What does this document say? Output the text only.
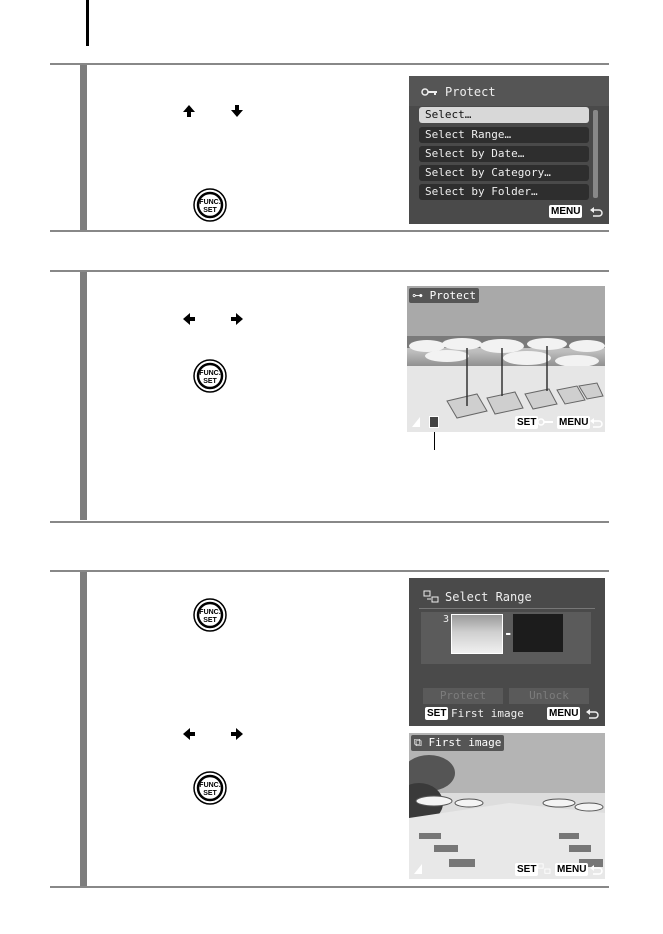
FUNC.
SET
Protect
Select…
Select Range…
Select by Date…
Select by Category…
Select by Folder…
MENU
FUNC.
SET
⊶ Protect
SET MENU
FUNC.
SET
FUNC.
SET
Select Range
3
-
Protect	Unlock
SET First image	MENU
⧉ First image
SET MENU
